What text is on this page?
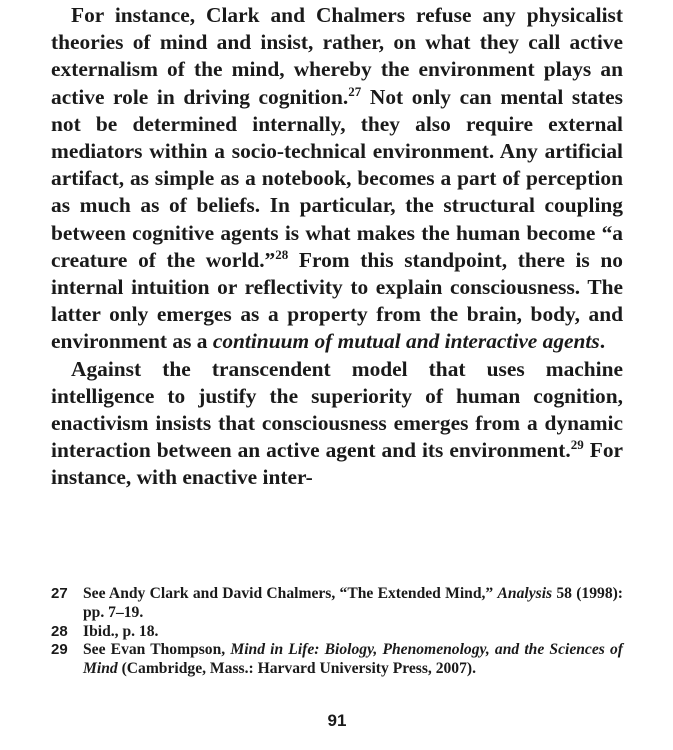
For instance, Clark and Chalmers refuse any physicalist theories of mind and insist, rather, on what they call active externalism of the mind, whereby the environment plays an active role in driving cognition.$^{27}$ Not only can mental states not be determined internally, they also require external mediators within a socio-technical environment. Any artificial artifact, as simple as a notebook, becomes a part of perception as much as of beliefs. In particular, the structural coupling between cognitive agents is what makes the human become “a creature of the world.”$^{28}$ From this standpoint, there is no internal intuition or reflectivity to explain consciousness. The latter only emerges as a property from the brain, body, and environment as a continuum of mutual and interactive agents.

Against the transcendent model that uses machine intelligence to justify the superiority of human cognition, enactivism insists that consciousness emerges from a dynamic interaction between an active agent and its environment.$^{29}$ For instance, with enactive inter-

27 See Andy Clark and David Chalmers, “The Extended Mind,” Analysis 58 (1998): pp. 7–19.

28 Ibid., p. 18.

29 See Evan Thompson, Mind in Life: Biology, Phenomenology, and the Sciences of Mind (Cambridge, Mass.: Harvard University Press, 2007).

91
